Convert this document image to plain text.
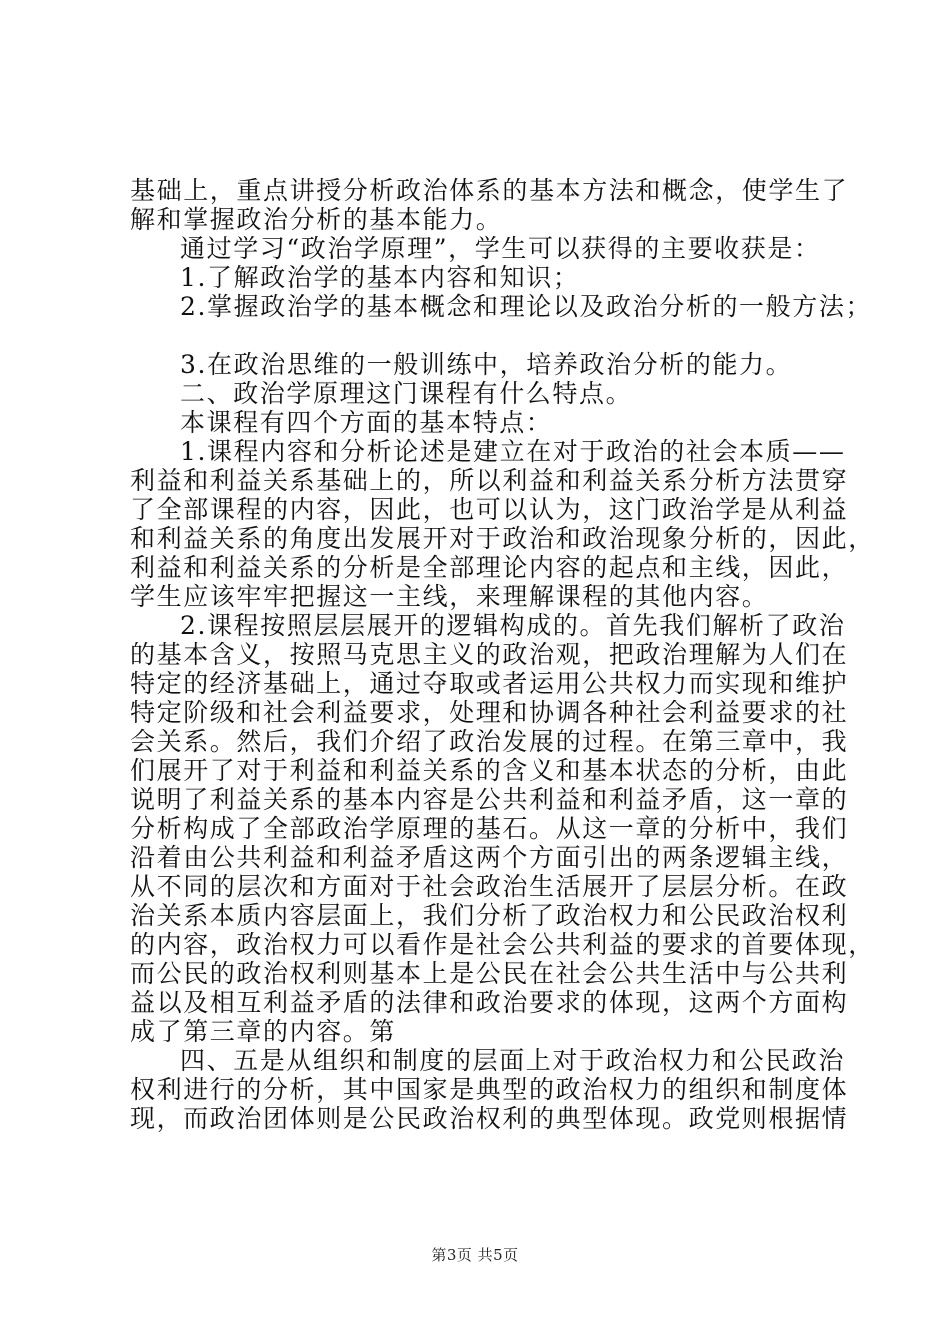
基础上，重点讲授分析政治体系的基本方法和概念，使学生了
解和掌握政治分析的基本能力。
通过学习“政治学原理”，学生可以获得的主要收获是：
1.了解政治学的基本内容和知识；
2.掌握政治学的基本概念和理论以及政治分析的一般方法；
3.在政治思维的一般训练中，培养政治分析的能力。
二、政治学原理这门课程有什么特点。
本课程有四个方面的基本特点：
1.课程内容和分析论述是建立在对于政治的社会本质——
利益和利益关系基础上的，所以利益和利益关系分析方法贯穿
了全部课程的内容，因此，也可以认为，这门政治学是从利益
和利益关系的角度出发展开对于政治和政治现象分析的，因此，
利益和利益关系的分析是全部理论内容的起点和主线，因此，
学生应该牢牢把握这一主线，来理解课程的其他内容。
2.课程按照层层展开的逻辑构成的。首先我们解析了政治
的基本含义，按照马克思主义的政治观，把政治理解为人们在
特定的经济基础上，通过夺取或者运用公共权力而实现和维护
特定阶级和社会利益要求，处理和协调各种社会利益要求的社
会关系。然后，我们介绍了政治发展的过程。在第三章中，我
们展开了对于利益和利益关系的含义和基本状态的分析，由此
说明了利益关系的基本内容是公共利益和利益矛盾，这一章的
分析构成了全部政治学原理的基石。从这一章的分析中，我们
沿着由公共利益和利益矛盾这两个方面引出的两条逻辑主线，
从不同的层次和方面对于社会政治生活展开了层层分析。在政
治关系本质内容层面上，我们分析了政治权力和公民政治权利
的内容，政治权力可以看作是社会公共利益的要求的首要体现，
而公民的政治权利则基本上是公民在社会公共生活中与公共利
益以及相互利益矛盾的法律和政治要求的体现，这两个方面构
成了第三章的内容。第
四、五是从组织和制度的层面上对于政治权力和公民政治
权利进行的分析，其中国家是典型的政治权力的组织和制度体
现，而政治团体则是公民政治权利的典型体现。政党则根据情
第3页 共5页
